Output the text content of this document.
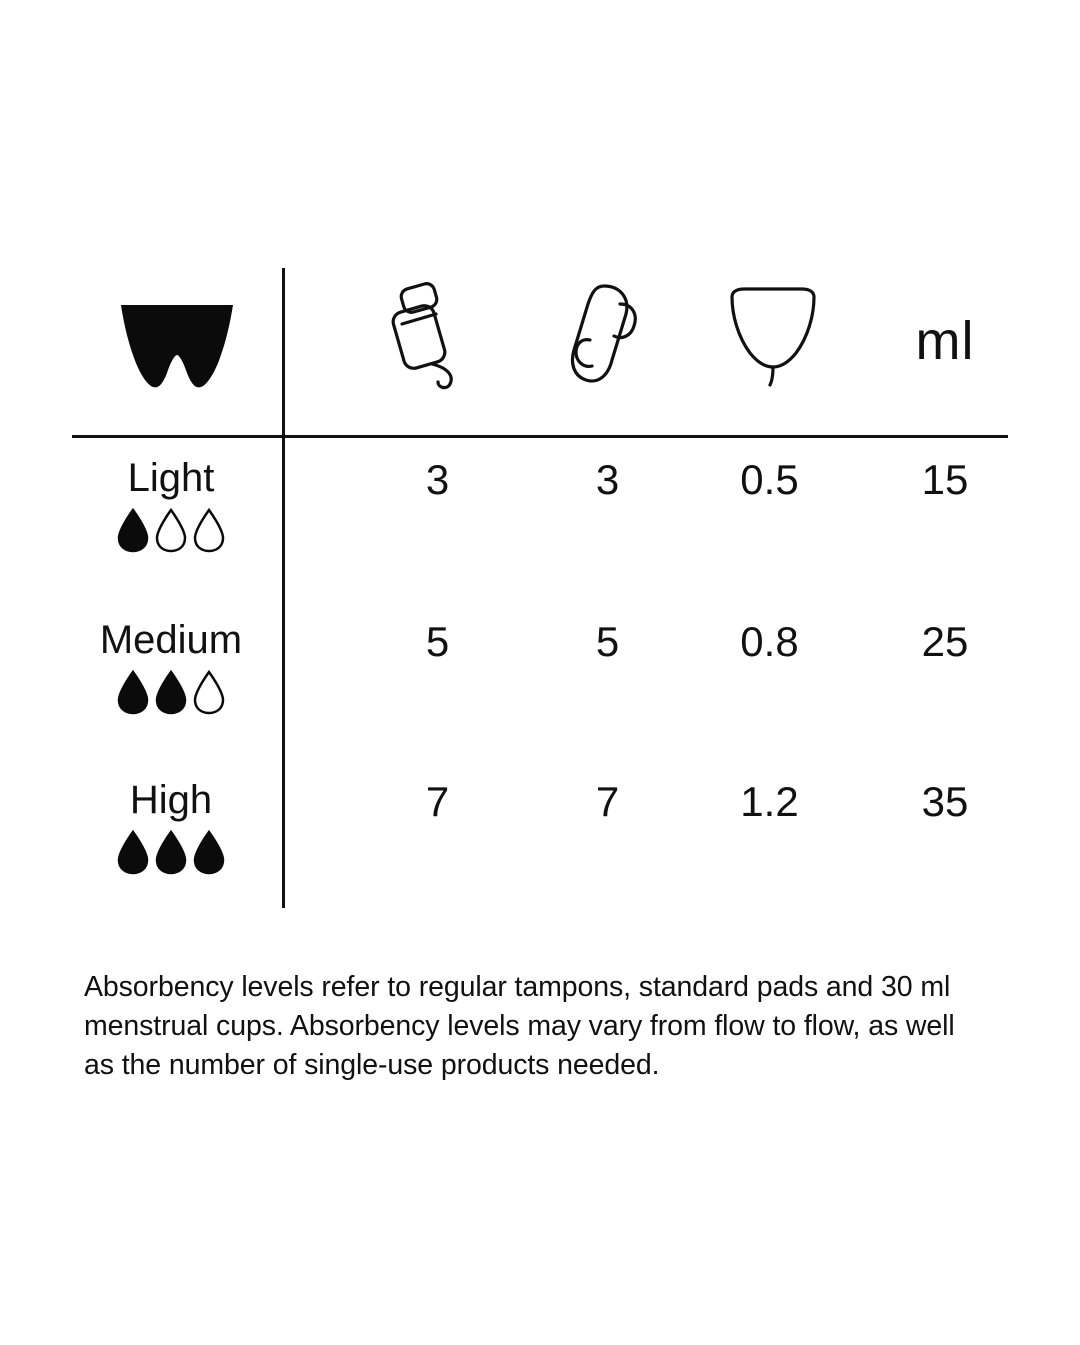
ml
Light	3	3	0.5	15
Medium	5	5	0.8	25
High	7	7	1.2	35
Absorbency levels refer to regular tampons, standard pads and 30 ml menstrual cups. Absorbency levels may vary from flow to flow, as well as the number of single-use products needed.
